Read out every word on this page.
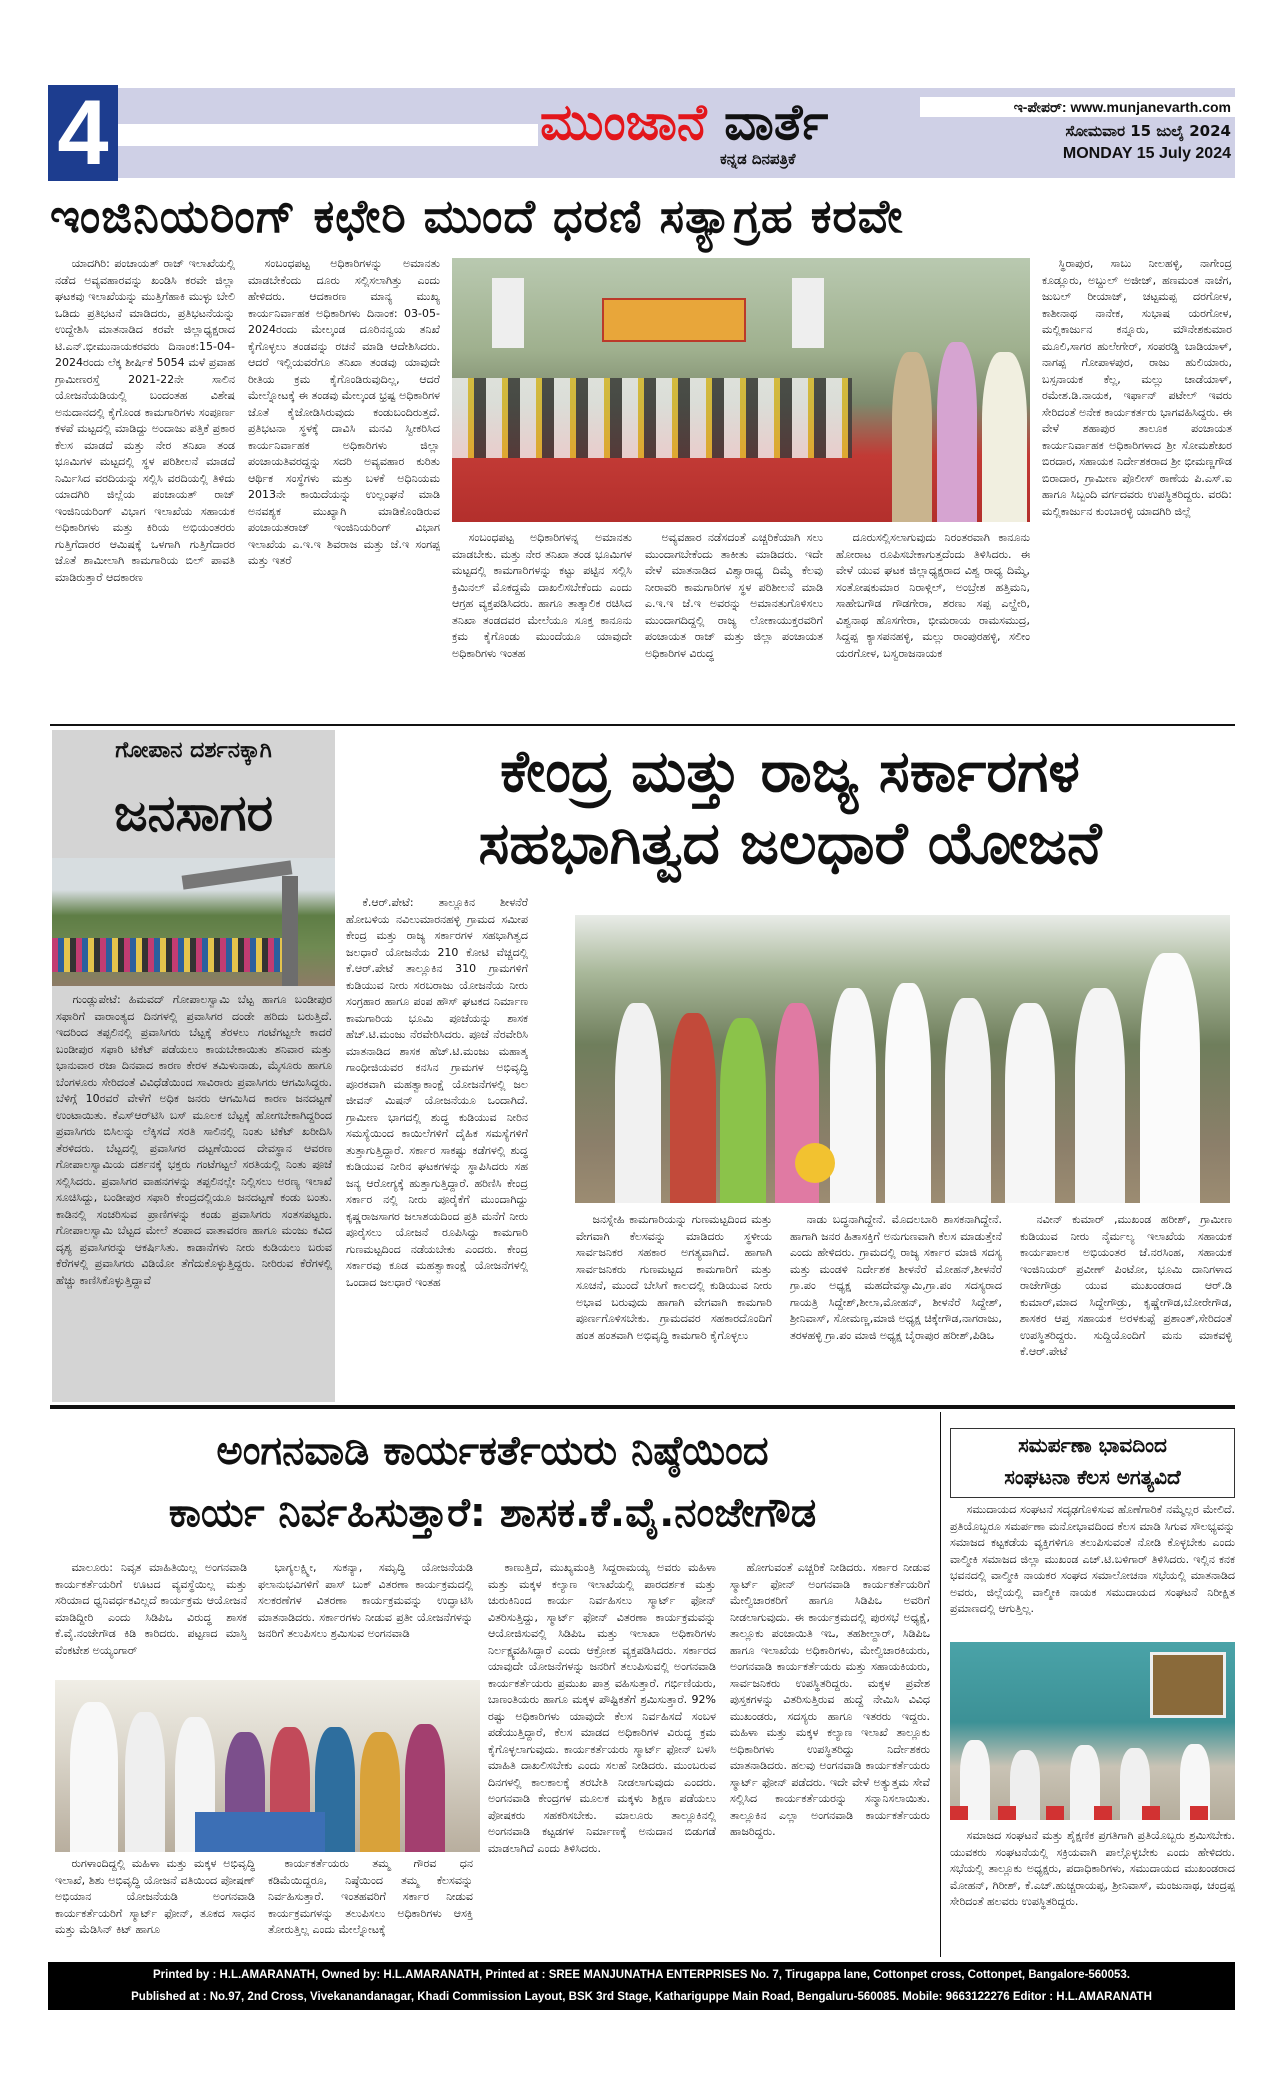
4	ಮುಂಜಾನೆ ವಾರ್ತೆ
ಕನ್ನಡ ದಿನಪತ್ರಿಕೆ
ಇ-ಪೇಪರ್: www.munjanevarth.com
ಸೋಮವಾರ 15 ಜುಲೈ 2024
MONDAY 15 July 2024
ಇಂಜಿನಿಯರಿಂಗ್ ಕಛೇರಿ ಮುಂದೆ ಧರಣಿ ಸತ್ಯಾಗ್ರಹ ಕರವೇ
ಯಾದಗಿರಿ: ಪಂಚಾಯತ್ ರಾಜ್ ಇಲಾಖೆಯಲ್ಲಿ ನಡೆದ ಅವ್ಯವಹಾರವನ್ನು ಖಂಡಿಸಿ ಕರವೇ ಜಿಲ್ಲಾ ಘಟಕವು ಇಲಾಖೆಯನ್ನು ಮುತ್ತಿಗೆಹಾಕಿ ಮುಳ್ಳು ಬೇಲಿ ಒಡಿದು ಪ್ರತಿಭಟನೆ ಮಾಡಿದರು, ಪ್ರತಿಭಟನೆಯನ್ನು ಉದ್ದೇಶಿಸಿ ಮಾತನಾಡಿದ ಕರವೇ ಜಿಲ್ಲಾಧ್ಯಕ್ಷರಾದ ಟಿ.ಎನ್.ಭೀಮುನಾಯಕರವರು ದಿನಾಂಕ:15-04-2024ರಂದು ಲೆಕ್ಕ ಶೀರ್ಷಿಕೆ 5054 ಮಳೆ ಪ್ರವಾಹ ಗ್ರಾಮೀಣರಸ್ತೆ 2021-22ನೇ ಸಾಲಿನ ಯೋಜನೆಯಡಿಯಲ್ಲಿ ಬಂದಂತಹ ವಿಶೇಷ ಅನುದಾನದಲ್ಲಿ ಕೈಗೊಂಡ ಕಾಮಗಾರಿಗಳು ಸಂಪೂರ್ಣ ಕಳಪೆ ಮಟ್ಟದಲ್ಲಿ ಮಾಡಿದ್ದು ಅಂದಾಜು ಪತ್ತಿಕೆ ಪ್ರಕಾರ ಕೆಲಸ ಮಾಡದೆ ಮತ್ತು ನೇರ ತನಿಖಾ ತಂಡ ಭೂಮಿಗಳ ಮಟ್ಟದಲ್ಲಿ ಸ್ಥಳ ಪರಿಶೀಲನೆ ಮಾಡದೆ ನಿರ್ಮಿಸಿದ ವರದಿಯನ್ನು ಸಲ್ಲಿಸಿ ವರದಿಯಲ್ಲಿ ತಿಳಿದು ಯಾದಗಿರಿ ಜಿಲ್ಲೆಯ ಪಂಚಾಯತ್ ರಾಜ್ ಇಂಜಿನಿಯರಿಂಗ್ ವಿಭಾಗ ಇಲಾಖೆಯ ಸಹಾಯಕ ಅಧಿಕಾರಿಗಳು ಮತ್ತು ಕಿರಿಯ ಅಭಿಯಂತರರು ಗುತ್ತಿಗೆದಾರರ ಆಮಿಷಕ್ಕೆ ಒಳಗಾಗಿ ಗುತ್ತಿಗೆದಾರರ ಜೊತೆ ಶಾಮೀಲಾಗಿ ಕಾಮಗಾರಿಯ ಬಿಲ್ ಪಾವತಿ ಮಾಡಿರುತ್ತಾರೆ ಆದಕಾರಣ
ಸಂಬಂಧಪಟ್ಟ ಅಧಿಕಾರಿಗಳನ್ನು ಅಮಾನತು ಮಾಡಬೇಕೆಂದು ದೂರು ಸಲ್ಲಿಸಲಾಗಿತ್ತು ಎಂದು ಹೇಳಿದರು. ಆದಕಾರಣ ಮಾನ್ಯ ಮುಖ್ಯ ಕಾರ್ಯನಿರ್ವಾಹಕ ಅಧಿಕಾರಿಗಳು ದಿನಾಂಕ: 03-05-2024ರಂದು ಮೇಲ್ಕಂಡ ದೂರಿನನ್ವಯ ತನಿಖೆ ಕೈಗೊಳ್ಳಲು ತಂಡವನ್ನು ರಚನೆ ಮಾಡಿ ಆದೇಶಿಸಿದರು. ಆದರೆ ಇಲ್ಲಿಯವರೆಗೂ ತನಿಖಾ ತಂಡವು ಯಾವುದೇ ರೀತಿಯ ಕ್ರಮ ಕೈಗೊಂಡಿರುವುದಿಲ್ಲ, ಆದರೆ ಮೇಲ್ನೋಟಕ್ಕೆ ಈ ತಂಡವು ಮೇಲ್ಕಂಡ ಭ್ರಷ್ಟ ಅಧಿಕಾರಿಗಳ ಜೊತೆ ಕೈಜೋಡಿಸಿರುವುದು ಕಂಡುಬಂದಿರುತ್ತದೆ. ಪ್ರತಿಭಟನಾ ಸ್ಥಳಕ್ಕೆ ದಾವಿಸಿ ಮನವಿ ಸ್ವೀಕರಿಸಿದ ಕಾರ್ಯನಿರ್ವಾಹಕ ಅಧಿಕಾರಿಗಳು ಜಿಲ್ಲಾ ಪಂಚಾಯತಿವರದ್ದನ್ನು ಸದರಿ ಅವ್ಯವಹಾರ ಕುರಿತು ಆರ್ಥಿಕ ಸಂಸ್ಥೆಗಳು ಮತ್ತು ಬಳಕೆ ಅಧಿನಿಯಮ 2013ನೇ ಕಾಯಿದೆಯನ್ನು ಉಲ್ಲಂಘನೆ ಮಾಡಿ ಅನವಶ್ಯಕ ಮುಖ್ಯಾಗಿ ಮಾಡಿಕೊಂಡಿರುವ ಪಂಚಾಯತರಾಜ್ ಇಂಜಿನಿಯರಿಂಗ್ ವಿಭಾಗ ಇಲಾಖೆಯ ಎ.ಇ.ಇ ಶಿವರಾಜ ಮತ್ತು ಜೆ.ಇ ಸಂಗಪ್ಪ ಮತ್ತು ಇತರೆ
ಸಂಬಂಧಪಟ್ಟ ಅಧಿಕಾರಿಗಳನ್ನ ಅಮಾನತು ಮಾಡಬೇಕು. ಮತ್ತು ನೇರ ತನಿಖಾ ತಂಡ ಭೂಮಿಗಳ ಮಟ್ಟದಲ್ಲಿ ಕಾಮಗಾರಿಗಳನ್ನು ಕಟ್ಟು ಪಟ್ಟಿನ ಸಲ್ಲಿಸಿ ಕ್ರಿಮಿನಲ್ ಮೊಕದ್ದಮೆ ದಾಖಲಿಸಬೇಕೆಂದು ಎಂದು ಆಗ್ರಹ ವ್ಯಕ್ತಪಡಿಸಿದರು. ಹಾಗೂ ತಾತ್ಕಾಲಿಕ ರಚಿಸಿದ ತನಿಖಾ ತಂಡದವರ ಮೇಲೆಯೂ ಸೂಕ್ತ ಕಾನೂನು ಕ್ರಮ ಕೈಗೊಂಡು ಮುಂದೆಯೂ ಯಾವುದೇ ಅಧಿಕಾರಿಗಳು ಇಂತಹ
ಅವ್ಯವಹಾರ ನಡೆಸದಂತೆ ಎಚ್ಚರಿಕೆಯಾಗಿ ಸಲು ಮುಂದಾಗಬೇಕೆಂದು ತಾಕೀತು ಮಾಡಿದರು. ಇದೇ ವೇಳೆ ಮಾತನಾಡಿದ ವಿಶ್ವಾರಾಧ್ಯ ದಿಮ್ಮೆ ಕೆಲವು ನೀರಾವರಿ ಕಾಮಗಾರಿಗಳ ಸ್ಥಳ ಪರಿಶೀಲನೆ ಮಾಡಿ ಎ.ಇ.ಇ ಜೆ.ಇ ಅವರನ್ನು ಅಮಾನತುಗೊಳಿಸಲು ಮುಂದಾಗದಿದ್ದಲ್ಲಿ ರಾಜ್ಯ ಲೋಕಾಯುಕ್ತರವರಿಗೆ ಪಂಚಾಯತ ರಾಜ್ ಮತ್ತು ಜಿಲ್ಲಾ ಪಂಚಾಯತ ಅಧಿಕಾರಿಗಳ ವಿರುದ್ಧ
ದೂರುಸಲ್ಲಿಸಲಾಗುವುದು ನಿರಂತರವಾಗಿ ಕಾನೂನು ಹೋರಾಟ ರೂಪಿಸಬೇಕಾಗುತ್ತದೆಂದು ತಿಳಿಸಿದರು. ಈ ವೇಳೆ ಯುವ ಘಟಕ ಜಿಲ್ಲಾಧ್ಯಕ್ಷರಾದ ವಿಶ್ವ ರಾಧ್ಯ ದಿಮ್ಮೆ, ಸಂತೋಷಕುಮಾರ ನಿರಾಳ್ಗಿಲ್, ಅಂಬ್ರೇಶ ಹತ್ತಿಮನಿ, ಸಾಹೇಬಗೌಡ ಗೌಡಗೇರಾ, ಶರಣು ಸಪ್ಪ ಎಲ್ಹೇರಿ, ವಿಶ್ವನಾಥ ಹೊಸಗೇರಾ, ಭೀಮರಾಯ ರಾಮಸಮುದ್ರ, ಸಿದ್ದಪ್ಪ ಕ್ಯಾಸಪನಹಳ್ಳಿ, ಮಲ್ಲು ರಾಂಪುರಹಳ್ಳಿ, ಸಲೀಂ ಯರಗೋಳ, ಬಸ್ವರಾಜನಾಯಕ
ಸ್ಥಿರಾಪುರ, ಸಾಬು ನೀಲಹಳ್ಳಿ, ನಾಗೇಂದ್ರ ಕೂಡ್ಲೂರು, ಅಬ್ದುಲ್ ಅಜೀಜ್, ಹಣಮಂತ ನಾಚೆಗ, ಜುಬಲ್ ರೀಯಾಜ್, ಚಟ್ಟಮಪ್ಪ ದರಗೋಳ, ಕಾಶೀನಾಥ ನಾನೇಕ, ಸುಭಾಷ ಯರಗೋಳ, ಮಲ್ಲಿಕಾರ್ಜುನ ಕನ್ನೂರು, ಮೌನೇಶಕುಮಾರ ಮೂಲಿ,ಸಾಗರ ಹುಲೇಗೇರ್, ಸಂಪರಡ್ಡಿ ಬಾಡಿಯಾಳ್, ನಾಗಪ್ಪ ಗೋಪಾಳಪುರ, ರಾಜು ಹುಲಿಯಾರು, ಬಸ್ಸನಾಯಕ ಕೆಲ್ಲ, ಮಲ್ಲು ಚಾಡೆಯಾಳ್, ರಮೇಶ.ಡಿ.ನಾಯಕ, ಇರ್ಫಾನ್ ಪಟೇಲ್ ಇವರು ಸೇರಿದಂತೆ ಅನೇಕ ಕಾರ್ಯಕರ್ತರು ಭಾಗವಹಿಸಿದ್ದರು. ಈ ವೇಳೆ ಶಹಾಪುರ ತಾಲೂಕ ಪಂಚಾಯತ ಕಾರ್ಯನಿರ್ವಾಹಕ ಅಧಿಕಾರಿಗಳಾದ ಶ್ರೀ ಸೋಮಶೇಖರ ಬಿರದಾರ, ಸಹಾಯಕ ನಿರ್ದೇಶಕರಾದ ಶ್ರೀ ಭೀಮಣ್ಣಗೌಡ ಬಿರಾದಾರ, ಗ್ರಾಮೀಣ ಪೊಲೀಸ್ ಠಾಣೆಯ ಪಿ.ಎಸ್.ಐ ಹಾಗೂ ಸಿಬ್ಬಂದಿ ವರ್ಗದವರು ಉಪಸ್ಥಿತರಿದ್ದರು. ವರದಿ: ಮಲ್ಲಿಕಾರ್ಜುನ ಕುಂಬಾರಳ್ಳಿ ಯಾದಗಿರಿ ಜಿಲ್ಲೆ
ಗೋಪಾನ ದರ್ಶನಕ್ಕಾಗಿ
ಜನಸಾಗರ
ಗುಂಡ್ಲುಪೇಟೆ: ಹಿಮವದ್ ಗೋಪಾಲಸ್ವಾಮಿ ಬೆಟ್ಟ ಹಾಗೂ ಬಂಡೀಪುರ ಸಫಾರಿಗೆ ವಾರಾಂತ್ಯದ ದಿನಗಳಲ್ಲಿ ಪ್ರವಾಸಿಗರ ದಂಡೇ ಹರಿದು ಬರುತ್ತಿದೆ. ಇದರಿಂದ ತಪ್ಪಲಿನಲ್ಲಿ ಪ್ರವಾಸಿಗರು ಬೆಟ್ಟಕ್ಕೆ ತೆರಳಲು ಗಂಟೆಗಟ್ಟಲೇ ಕಾದರೆ ಬಂಡೀಪುರ ಸಫಾರಿ ಟಿಕೆಟ್ ಪಡೆಯಲು ಕಾಯಬೇಕಾಯಿತು ಶನಿವಾರ ಮತ್ತು ಭಾನುವಾರ ರಜಾ ದಿನವಾದ ಕಾರಣ ಕೇರಳ ತಮಿಳುನಾಡು, ಮೈಸೂರು ಹಾಗೂ ಬೆಂಗಳೂರು ಸೇರಿದಂತೆ ವಿವಿಧೆಡೆಯಿಂದ ಸಾವಿರಾರು ಪ್ರವಾಸಿಗರು ಆಗಮಿಸಿದ್ದರು. ಬೆಳಿಗ್ಗೆ 10ರವರೆ ವೇಳೆಗೆ ಅಧಿಕ ಜನರು ಆಗಮಿಸಿದ ಕಾರಣ ಜನದಟ್ಟಣೆ ಉಂಟಾಯಿತು. ಕೆಎಸ್‌ಆರ್‌ಟಿಸಿ ಬಸ್ ಮೂಲಕ ಬೆಟ್ಟಕ್ಕೆ ಹೋಗಬೇಕಾಗಿದ್ದರಿಂದ ಪ್ರವಾಸಿಗರು ಬಿಸಿಲನ್ನು ಲೆಕ್ಕಿಸದೆ ಸರತಿ ಸಾಲಿನಲ್ಲಿ ನಿಂತು ಟಿಕೆಟ್ ಖರೀದಿಸಿ ತೆರಳಿದರು. ಬೆಟ್ಟದಲ್ಲಿ ಪ್ರವಾಸಿಗರ ದಟ್ಟಣೆಯಿಂದ ದೇವಸ್ಥಾನ ಆವರಣ ಗೋಪಾಲಸ್ವಾಮಿಯ ದರ್ಶನಕ್ಕೆ ಭಕ್ತರು ಗಂಟೆಗಟ್ಟಲೆ ಸರತಿಯಲ್ಲಿ ನಿಂತು ಪೂಜೆ ಸಲ್ಲಿಸಿದರು. ಪ್ರವಾಸಿಗರ ವಾಹನಗಳನ್ನು ತಪ್ಪಲಿನಲ್ಲೇ ನಿಲ್ಲಿಸಲು ಅರಣ್ಯ ಇಲಾಖೆ ಸೂಚಿಸಿದ್ದು, ಬಂಡೀಪುರ ಸಫಾರಿ ಕೇಂದ್ರದಲ್ಲಿಯೂ ಜನದಟ್ಟಣೆ ಕಂಡು ಬಂತು. ಕಾಡಿನಲ್ಲಿ ಸಂಚರಿಸುವ ಪ್ರಾಣಿಗಳನ್ನು ಕಂಡು ಪ್ರವಾಸಿಗರು ಸಂತಸಪಟ್ಟರು. ಗೋಪಾಲಸ್ವಾಮಿ ಬೆಟ್ಟದ ಮೇಲೆ ತಂಪಾದ ವಾತಾವರಣ ಹಾಗೂ ಮಂಜು ಕವಿದ ದೃಶ್ಯ ಪ್ರವಾಸಿಗರನ್ನು ಆಕರ್ಷಿಸಿತು. ಕಾಡಾನೆಗಳು ನೀರು ಕುಡಿಯಲು ಬರುವ ಕೆರೆಗಳಲ್ಲಿ ಪ್ರವಾಸಿಗರು ವಿಡಿಯೋ ತೆಗೆದುಕೊಳ್ಳುತ್ತಿದ್ದರು. ನೀರಿರುವ ಕೆರೆಗಳಲ್ಲಿ ಹೆಚ್ಚು ಕಾಣಿಸಿಕೊಳ್ಳುತ್ತಿದ್ದಾವೆ
ಕೇಂದ್ರ ಮತ್ತು ರಾಜ್ಯ ಸರ್ಕಾರಗಳ
ಸಹಭಾಗಿತ್ವದ ಜಲಧಾರೆ ಯೋಜನೆ
ಕೆ.ಆರ್.ಪೇಟೆ: ತಾಲ್ಲೂಕಿನ ಶೀಳನೆರೆ ಹೋಬಳಿಯ ನವಿಲುಮಾರನಹಳ್ಳಿ ಗ್ರಾಮದ ಸಮೀಪ ಕೇಂದ್ರ ಮತ್ತು ರಾಜ್ಯ ಸರ್ಕಾರಗಳ ಸಹಭಾಗಿತ್ವದ ಜಲಧಾರೆ ಯೋಜನೆಯ 210 ಕೋಟಿ ವೆಚ್ಚದಲ್ಲಿ ಕೆ.ಆರ್.ಪೇಟೆ ತಾಲ್ಲೂಕಿನ 310 ಗ್ರಾಮಗಳಿಗೆ ಕುಡಿಯುವ ನೀರು ಸರಬರಾಜು ಯೋಜನೆಯ ನೀರು ಸಂಗ್ರಹಾರ ಹಾಗೂ ಪಂಪ ಹೌಸ್ ಘಟಕದ ನಿರ್ಮಾಣ ಕಾಮಗಾರಿಯ ಭೂಮಿ ಪೂಜೆಯನ್ನು ಶಾಸಕ ಹೆಚ್.ಟಿ.ಮಂಜು ನೆರವೇರಿಸಿದರು. ಪೂಜೆ ನೆರವೇರಿಸಿ ಮಾತನಾಡಿದ ಶಾಸಕ ಹೆಚ್.ಟಿ.ಮಂಜು ಮಹಾತ್ಮ ಗಾಂಧೀಜಿಯವರ ಕನಸಿನ ಗ್ರಾಮಗಳ ಅಭಿವೃದ್ಧಿ ಪೂರಕವಾಗಿ ಮಹತ್ವಾಕಾಂಕ್ಷೆ ಯೋಜನೆಗಳಲ್ಲಿ ಜಲ ಜೀವನ್ ಮಿಷನ್ ಯೋಜನೆಯೂ ಒಂದಾಗಿದೆ. ಗ್ರಾಮೀಣ ಭಾಗದಲ್ಲಿ ಶುದ್ಧ ಕುಡಿಯುವ ನೀರಿನ ಸಮಸ್ಯೆಯಿಂದ ಕಾಯಿಲೆಗಳಿಗೆ ದೈಹಿಕ ಸಮಸ್ಯೆಗಳಿಗೆ ತುತ್ತಾಗುತ್ತಿದ್ದಾರೆ. ಸರ್ಕಾರ ಸಾಕಷ್ಟು ಕಡೆಗಳಲ್ಲಿ ಶುದ್ಧ ಕುಡಿಯುವ ನೀರಿನ ಘಟಕಗಳನ್ನು ಸ್ಥಾಪಿಸಿದರು ಸಹ ಜನ್ಯ ಆರೋಗ್ಯಕ್ಕೆ ಹುತ್ತಾಗುತ್ತಿದ್ದಾರೆ. ಹರಿಣಿಸಿ ಕೇಂದ್ರ ಸರ್ಕಾರ ನಲ್ಲಿ ನೀರು ಪೂರೈಕೆಗೆ ಮುಂದಾಗಿದ್ದು ಕೃಷ್ಣರಾಜಸಾಗರ ಜಲಾಶಯದಿಂದ ಪ್ರತಿ ಮನೆಗೆ ನೀರು ಪೂರೈಸಲು ಯೋಜನೆ ರೂಪಿಸಿದ್ದು ಕಾಮಗಾರಿ ಗುಣಮಟ್ಟದಿಂದ ನಡೆಯಬೇಕು ಎಂದರು. ಕೇಂದ್ರ ಸರ್ಕಾರವು ಕೂಡ ಮಹತ್ವಾಕಾಂಕ್ಷೆ ಯೋಜನೆಗಳಲ್ಲಿ ಒಂದಾದ ಜಲಧಾರೆ ಇಂತಹ
ಜನಸ್ನೇಹಿ ಕಾಮಗಾರಿಯನ್ನು ಗುಣಮಟ್ಟದಿಂದ ಮತ್ತು ವೇಗವಾಗಿ ಕೆಲಸವನ್ನು ಮಾಡಿದರು ಸ್ಥಳೀಯ ಸಾರ್ವಜನಿಕರ ಸಹಕಾರ ಅಗತ್ಯವಾಗಿದೆ. ಹಾಗಾಗಿ ಸಾರ್ವಜನಿಕರು ಗುಣಮಟ್ಟದ ಕಾಮಗಾರಿಗೆ ಮತ್ತು ಸೂಚನೆ, ಮುಂದೆ ಬೇಸಿಗೆ ಕಾಲದಲ್ಲಿ ಕುಡಿಯುವ ನೀರು ಅಭಾವ ಬರುವುದು ಹಾಗಾಗಿ ವೇಗವಾಗಿ ಕಾಮಗಾರಿ ಪೂರ್ಣಗೊಳಿಸಬೇಕು. ಗ್ರಾಮದವರ ಸಹಕಾರದೊಂದಿಗೆ ಹಂತ ಹಂತವಾಗಿ ಅಭಿವೃದ್ಧಿ ಕಾಮಗಾರಿ ಕೈಗೊಳ್ಳಲು
ನಾಡು ಬದ್ಧನಾಗಿದ್ದೇನೆ. ಮೊದಲಬಾರಿ ಶಾಸಕನಾಗಿದ್ದೇನೆ. ಹಾಗಾಗಿ ಜನರ ಹಿತಾಸಕ್ತಿಗೆ ಅನುಗುಣವಾಗಿ ಕೆಲಸ ಮಾಡುತ್ತೇನೆ ಎಂದು ಹೇಳಿದರು. ಗ್ರಾಮದಲ್ಲಿ ರಾಜ್ಯ ಸರ್ಕಾರ ಮಾಜಿ ಸದಸ್ಯ ಮತ್ತು ಮಂಡಳಿ ನಿರ್ದೇಶಕ ಶೀಳನೆರೆ ಮೋಹನ್,ಶೀಳನೆರೆ ಗ್ರಾ.ಪಂ ಅಧ್ಯಕ್ಷ ಮಹದೇವಸ್ವಾಮಿ,ಗ್ರಾ.ಪಂ ಸದಸ್ಯರಾದ ಗಾಯತ್ರಿ ಸಿದ್ದೇಶ್,ಶೀಲಾ,ಮೋಹನ್, ಶೀಳನೆರೆ ಸಿದ್ದೇಶ್, ಶ್ರೀನಿವಾಸ್, ಸೋಮಣ್ಣ,ಮಾಜಿ ಅಧ್ಯಕ್ಷ ಚಿಕ್ಕೇಗೌಡ,ನಾಗರಾಜು, ತರಳಹಳ್ಳಿ ಗ್ರಾ.ಪಂ ಮಾಜಿ ಅಧ್ಯಕ್ಷ ಬೈರಾಪುರ ಹರೀಶ್,ಪಿಡಿಒ
ನವೀನ್ ಕುಮಾರ್ ,ಮುಖಂಡ ಹರೀಶ್, ಗ್ರಾಮೀಣ ಕುಡಿಯುವ ನೀರು ನೈರ್ಮಲ್ಯ ಇಲಾಖೆಯ ಸಹಾಯಕ ಕಾರ್ಯಪಾಲಕ ಅಭಿಯಂತರ ಜೆ.ನರಸಿಂಹ, ಸಹಾಯಕ ಇಂಜಿನಿಯರ್ ಪ್ರವೀಣ್ ಪಿಂಟೋ, ಭೂಮಿ ದಾನಿಗಳಾದ ರಾಜೇಗೌಡ್ರು ಯುವ ಮುಖಂಡರಾದ ಆರ್.ಡಿ ಕುಮಾರ್,ಮಾದ ಸಿದ್ದೇಗೌಡ್ರು, ಕೃಷ್ಣೇಗೌಡ,ಬೋರೇಗೌಡ, ಶಾಸಕರ ಆಪ್ತ ಸಹಾಯಕ ಅರಳಕುಪ್ಪೆ ಪ್ರಶಾಂತ್,ಸೇರಿದಂತೆ ಉಪಸ್ಥಿತರಿದ್ದರು. ಸುದ್ದಿಯೊಂದಿಗೆ ಮನು ಮಾಕವಳ್ಳಿ ಕೆ.ಆರ್.ಪೇಟೆ
ಅಂಗನವಾಡಿ ಕಾರ್ಯಕರ್ತೆಯರು ನಿಷ್ಠೆಯಿಂದ
ಕಾರ್ಯ ನಿರ್ವಹಿಸುತ್ತಾರೆ: ಶಾಸಕ.ಕೆ.ವೈ.ನಂಜೇಗೌಡ
ಮಾಲೂರು: ನಿವೃತ ಮಾಹಿತಿಯಿಲ್ಲ ಅಂಗನವಾಡಿ ಕಾರ್ಯಕರ್ತೆಯರಿಗೆ ಊಟದ ವ್ಯವಸ್ಥೆಯಿಲ್ಲ ಮತ್ತು ಸರಿಯಾದ ಧ್ವನಿವರ್ಧಕವಿಲ್ಲದೆ ಕಾರ್ಯಕ್ರಮ ಆಯೋಜನೆ ಮಾಡಿದ್ದೀರಿ ಎಂದು ಸಿಡಿಪಿಒ ವಿರುದ್ಧ ಶಾಸಕ ಕೆ.ವೈ.ನಂಜೇಗೌಡ ಕಿಡಿ ಕಾರಿದರು. ಪಟ್ಟಣದ ಮಾಸ್ತಿ ವೆಂಕಟೇಶ ಅಯ್ಯಂಗಾರ್
ಭಾಗ್ಯಲಕ್ಷ್ಮೀ, ಸುಕನ್ಯಾ, ಸಮೃದ್ಧಿ ಯೋಜನೆಯಡಿ ಫಲಾನುಭವಿಗಳಿಗೆ ಪಾಸ್ ಬುಕ್ ವಿತರಣಾ ಕಾರ್ಯಕ್ರಮದಲ್ಲಿ ಸಲಕರಣೆಗಳ ವಿತರಣಾ ಕಾರ್ಯಕ್ರಮವನ್ನು ಉದ್ಘಾಟಿಸಿ ಮಾತನಾಡಿದರು. ಸರ್ಕಾರಗಳು ನೀಡುವ ಪ್ರತೀ ಯೋಜನೆಗಳನ್ನು ಜನರಿಗೆ ತಲುಪಿಸಲು ಶ್ರಮಿಸುವ ಅಂಗನವಾಡಿ
ರುಗಳಾಂದಿದ್ದಲ್ಲಿ ಮಹಿಳಾ ಮತ್ತು ಮಕ್ಕಳ ಅಭಿವೃದ್ಧಿ ಇಲಾಖೆ, ಶಿಶು ಅಭಿವೃದ್ಧಿ ಯೋಜನೆ ವತಿಯಿಂದ ಪೋಷಣ್ ಅಭಿಯಾನ ಯೋಜನೆಯಡಿ ಅಂಗನವಾಡಿ ಕಾರ್ಯಕರ್ತೆಯರಿಗೆ ಸ್ಮಾರ್ಟ್ ಫೋನ್, ತೂಕದ ಸಾಧನ ಮತ್ತು ಮೆಡಿಸಿನ್ ಕಿಟ್ ಹಾಗೂ
ಕಾರ್ಯಕರ್ತೆಯರು ತಮ್ಮ ಗೌರವ ಧನ ಕಡಿಮೆಯಿದ್ದರೂ, ನಿಷ್ಠೆಯಿಂದ ತಮ್ಮ ಕೆಲಸವನ್ನು ನಿರ್ವಹಿಸುತ್ತಾರೆ. ಇಂತಹವರಿಗೆ ಸರ್ಕಾರ ನೀಡುವ ಕಾರ್ಯಕ್ರಮಗಳನ್ನು ತಲುಪಿಸಲು ಅಧಿಕಾರಿಗಳು ಆಸಕ್ತಿ ತೋರುತ್ತಿಲ್ಲ ಎಂದು ಮೇಲ್ನೋಟಕ್ಕೆ
ಕಾಣುತ್ತಿದೆ, ಮುಖ್ಯಮಂತ್ರಿ ಸಿದ್ದರಾಮಯ್ಯ ಅವರು ಮಹಿಳಾ ಮತ್ತು ಮಕ್ಕಳ ಕಲ್ಯಾಣ ಇಲಾಖೆಯಲ್ಲಿ ಪಾರದರ್ಶಕ ಮತ್ತು ಚುರುಕಿನಿಂದ ಕಾರ್ಯ ನಿರ್ವಹಿಸಲು ಸ್ಮಾರ್ಟ್ ಫೋನ್ ವಿತರಿಸುತ್ತಿದ್ದು, ಸ್ಮಾರ್ಟ್ ಫೋನ್ ವಿತರಣಾ ಕಾರ್ಯಕ್ರಮವನ್ನು ಆಯೋಜಿಸುವಲ್ಲಿ ಸಿಡಿಪಿಒ ಮತ್ತು ಇಲಾಖಾ ಅಧಿಕಾರಿಗಳು ನಿರ್ಲಕ್ಷ್ಯವಹಿಸಿದ್ದಾರೆ ಎಂದು ಆಕ್ರೋಶ ವ್ಯಕ್ತಪಡಿಸಿದರು. ಸರ್ಕಾರದ ಯಾವುದೇ ಯೋಜನೆಗಳನ್ನು ಜನರಿಗೆ ತಲುಪಿಸುವಲ್ಲಿ ಅಂಗನವಾಡಿ ಕಾರ್ಯಕರ್ತೆಯರು ಪ್ರಮುಖ ಪಾತ್ರ ವಹಿಸುತ್ತಾರೆ. ಗರ್ಭಿಣಿಯರು, ಬಾಣಂತಿಯರು ಹಾಗೂ ಮಕ್ಕಳ ಪೌಷ್ಟಿಕತೆಗೆ ಶ್ರಮಿಸುತ್ತಾರೆ. 92% ರಷ್ಟು ಅಧಿಕಾರಿಗಳು ಯಾವುದೇ ಕೆಲಸ ನಿರ್ವಹಿಸದೆ ಸಂಬಳ ಪಡೆಯುತ್ತಿದ್ದಾರೆ, ಕೆಲಸ ಮಾಡದ ಅಧಿಕಾರಿಗಳ ವಿರುದ್ಧ ಕ್ರಮ ಕೈಗೊಳ್ಳಲಾಗುವುದು. ಕಾರ್ಯಕರ್ತೆಯರು ಸ್ಮಾರ್ಟ್ ಫೋನ್ ಬಳಸಿ ಮಾಹಿತಿ ದಾಖಲಿಸಬೇಕು ಎಂದು ಸಲಹೆ ನೀಡಿದರು. ಮುಂಬರುವ ದಿನಗಳಲ್ಲಿ ಕಾಲಕಾಲಕ್ಕೆ ತರಬೇತಿ ನೀಡಲಾಗುವುದು ಎಂದರು. ಅಂಗನವಾಡಿ ಕೇಂದ್ರಗಳ ಮೂಲಕ ಮಕ್ಕಳು ಶಿಕ್ಷಣ ಪಡೆಯಲು ಪೋಷಕರು ಸಹಕರಿಸಬೇಕು. ಮಾಲೂರು ತಾಲ್ಲೂಕಿನಲ್ಲಿ ಅಂಗನವಾಡಿ ಕಟ್ಟಡಗಳ ನಿರ್ಮಾಣಕ್ಕೆ ಅನುದಾನ ಬಿಡುಗಡೆ ಮಾಡಲಾಗಿದೆ ಎಂದು ತಿಳಿಸಿದರು.
ಹೋಗುವಂತೆ ಎಚ್ಚರಿಕೆ ನೀಡಿದರು. ಸರ್ಕಾರ ನೀಡುವ ಸ್ಮಾರ್ಟ್ ಫೋನ್ ಅಂಗನವಾಡಿ ಕಾರ್ಯಕರ್ತೆಯರಿಗೆ ಮೇಲ್ವಿಚಾರಕರಿಗೆ ಹಾಗೂ ಸಿಡಿಪಿಒ ಅವರಿಗೆ ನೀಡಲಾಗುವುದು. ಈ ಕಾರ್ಯಕ್ರಮದಲ್ಲಿ ಪುರಸಭೆ ಅಧ್ಯಕ್ಷೆ, ತಾಲ್ಲೂಕು ಪಂಚಾಯಿತಿ ಇಒ, ತಹಶೀಲ್ದಾರ್, ಸಿಡಿಪಿಒ ಹಾಗೂ ಇಲಾಖೆಯ ಅಧಿಕಾರಿಗಳು, ಮೇಲ್ವಿಚಾರಕಿಯರು, ಅಂಗನವಾಡಿ ಕಾರ್ಯಕರ್ತೆಯರು ಮತ್ತು ಸಹಾಯಕಿಯರು, ಸಾರ್ವಜನಿಕರು ಉಪಸ್ಥಿತರಿದ್ದರು. ಮಕ್ಕಳ ಪ್ರವೇಶ ಪುಸ್ತಕಗಳನ್ನು ವಿತರಿಸುತ್ತಿರುವ ಹುದ್ದೆ ನೇಮಿಸಿ ವಿವಿಧ ಮುಖಂಡರು, ಸದಸ್ಯರು ಹಾಗೂ ಇತರರು ಇದ್ದರು. ಮಹಿಳಾ ಮತ್ತು ಮಕ್ಕಳ ಕಲ್ಯಾಣ ಇಲಾಖೆ ತಾಲ್ಲೂಕು ಅಧಿಕಾರಿಗಳು ಉಪಸ್ಥಿತರಿದ್ದು ನಿರ್ದೇಶಕರು ಮಾತನಾಡಿದರು. ಹಲವು ಅಂಗನವಾಡಿ ಕಾರ್ಯಕರ್ತೆಯರು ಸ್ಮಾರ್ಟ್ ಫೋನ್ ಪಡೆದರು. ಇದೇ ವೇಳೆ ಅತ್ಯುತ್ತಮ ಸೇವೆ ಸಲ್ಲಿಸಿದ ಕಾರ್ಯಕರ್ತೆಯರನ್ನು ಸನ್ಮಾನಿಸಲಾಯಿತು. ತಾಲ್ಲೂಕಿನ ಎಲ್ಲಾ ಅಂಗನವಾಡಿ ಕಾರ್ಯಕರ್ತೆಯರು ಹಾಜರಿದ್ದರು.
ಸಮರ್ಪಣಾ ಭಾವದಿಂದ
ಸಂಘಟನಾ ಕೆಲಸ ಅಗತ್ಯವಿದೆ
ಸಮುದಾಯದ ಸಂಘಟನೆ ಸದೃಢಗೊಳಿಸುವ ಹೊಣೆಗಾರಿಕೆ ನಮ್ಮೆಲ್ಲರ ಮೇಲಿದೆ. ಪ್ರತಿಯೊಬ್ಬರೂ ಸಮರ್ಪಣಾ ಮನೋಭಾವದಿಂದ ಕೆಲಸ ಮಾಡಿ ಸಿಗುವ ಸೌಲಭ್ಯವನ್ನು ಸಮಾಜದ ಕಟ್ಟಕಡೆಯ ವ್ಯಕ್ತಿಗಳಿಗೂ ತಲುಪಿಸುವಂತೆ ನೋಡಿ ಕೊಳ್ಳಬೇಕು ಎಂದು ವಾಲ್ಮೀಕಿ ಸಮಾಜದ ಜಿಲ್ಲಾ ಮುಖಂಡ ಎಚ್.ಟಿ.ಬಳಿಗಾರ್ ತಿಳಿಸಿದರು. ಇಲ್ಲಿನ ಕನಕ ಭವನದಲ್ಲಿ ವಾಲ್ಮೀಕಿ ನಾಯಕರ ಸಂಘದ ಸಮಾಲೋಚನಾ ಸಭೆಯಲ್ಲಿ ಮಾತನಾಡಿದ ಅವರು, ಜಿಲ್ಲೆಯಲ್ಲಿ ವಾಲ್ಮೀಕಿ ನಾಯಕ ಸಮುದಾಯದ ಸಂಘಟನೆ ನಿರೀಕ್ಷಿತ ಪ್ರಮಾಣದಲ್ಲಿ ಆಗುತ್ತಿಲ್ಲ.
ಸಮಾಜದ ಸಂಘಟನೆ ಮತ್ತು ಶೈಕ್ಷಣಿಕ ಪ್ರಗತಿಗಾಗಿ ಪ್ರತಿಯೊಬ್ಬರು ಶ್ರಮಿಸಬೇಕು. ಯುವಕರು ಸಂಘಟನೆಯಲ್ಲಿ ಸಕ್ರಿಯವಾಗಿ ಪಾಲ್ಗೊಳ್ಳಬೇಕು ಎಂದು ಹೇಳಿದರು. ಸಭೆಯಲ್ಲಿ ತಾಲ್ಲೂಕು ಅಧ್ಯಕ್ಷರು, ಪದಾಧಿಕಾರಿಗಳು, ಸಮುದಾಯದ ಮುಖಂಡರಾದ ಮೋಹನ್, ಗಿರೀಶ್, ಕೆ.ಎಚ್.ಹುಚ್ಚರಾಯಪ್ಪ, ಶ್ರೀನಿವಾಸ್, ಮಂಜುನಾಥ, ಚಂದ್ರಪ್ಪ ಸೇರಿದಂತೆ ಹಲವರು ಉಪಸ್ಥಿತರಿದ್ದರು.
Printed by : H.L.AMARANATH, Owned by: H.L.AMARANATH, Printed at : SREE MANJUNATHA ENTERPRISES No. 7, Tirugappa lane, Cottonpet cross, Cottonpet, Bangalore-560053.
Published at : No.97, 2nd Cross, Vivekanandanagar, Khadi Commission Layout, BSK 3rd Stage, Kathariguppe Main Road, Bengaluru-560085. Mobile: 9663122276 Editor : H.L.AMARANATH
